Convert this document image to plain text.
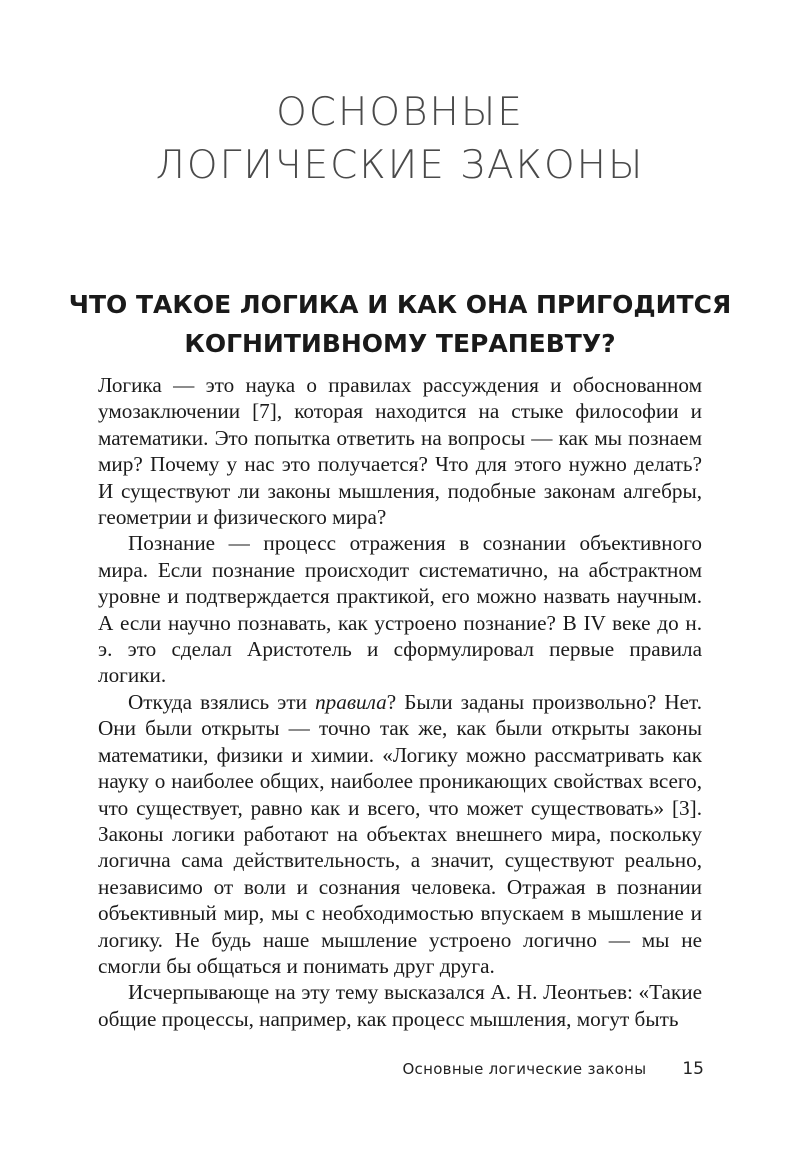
ОСНОВНЫЕ
ЛОГИЧЕСКИЕ ЗАКОНЫ
ЧТО ТАКОЕ ЛОГИКА И КАК ОНА ПРИГОДИТСЯ
КОГНИТИВНОМУ ТЕРАПЕВТУ?

Логика — это наука о правилах рассуждения и обоснованном умозаключении [7], которая находится на стыке философии и математики. Это попытка ответить на вопросы — как мы познаем мир? Почему у нас это получается? Что для этого нужно делать? И существуют ли законы мышления, подобные законам алгебры, геометрии и физического мира?

Познание — процесс отражения в сознании объективного мира. Если познание происходит систематично, на абстрактном уровне и подтверждается практикой, его можно назвать научным. А если научно познавать, как устроено познание? В IV веке до н. э. это сделал Аристотель и сформулировал первые правила логики.

Откуда взялись эти правила? Были заданы произвольно? Нет. Они были открыты — точно так же, как были открыты законы математики, физики и химии. «Логику можно рассматривать как науку о наиболее общих, наиболее проникающих свойствах всего, что существует, равно как и всего, что может существовать» [3]. Законы логики работают на объектах внешнего мира, поскольку логична сама действительность, а значит, существуют реально, независимо от воли и сознания человека. Отражая в познании объективный мир, мы с необходимостью впускаем в мышление и логику. Не будь наше мышление устроено логично — мы не смогли бы общаться и понимать друг друга.

Исчерпывающе на эту тему высказался А. Н. Леонтьев: «Такие общие процессы, например, как процесс мышления, могут быть

Основные логические законы 15
